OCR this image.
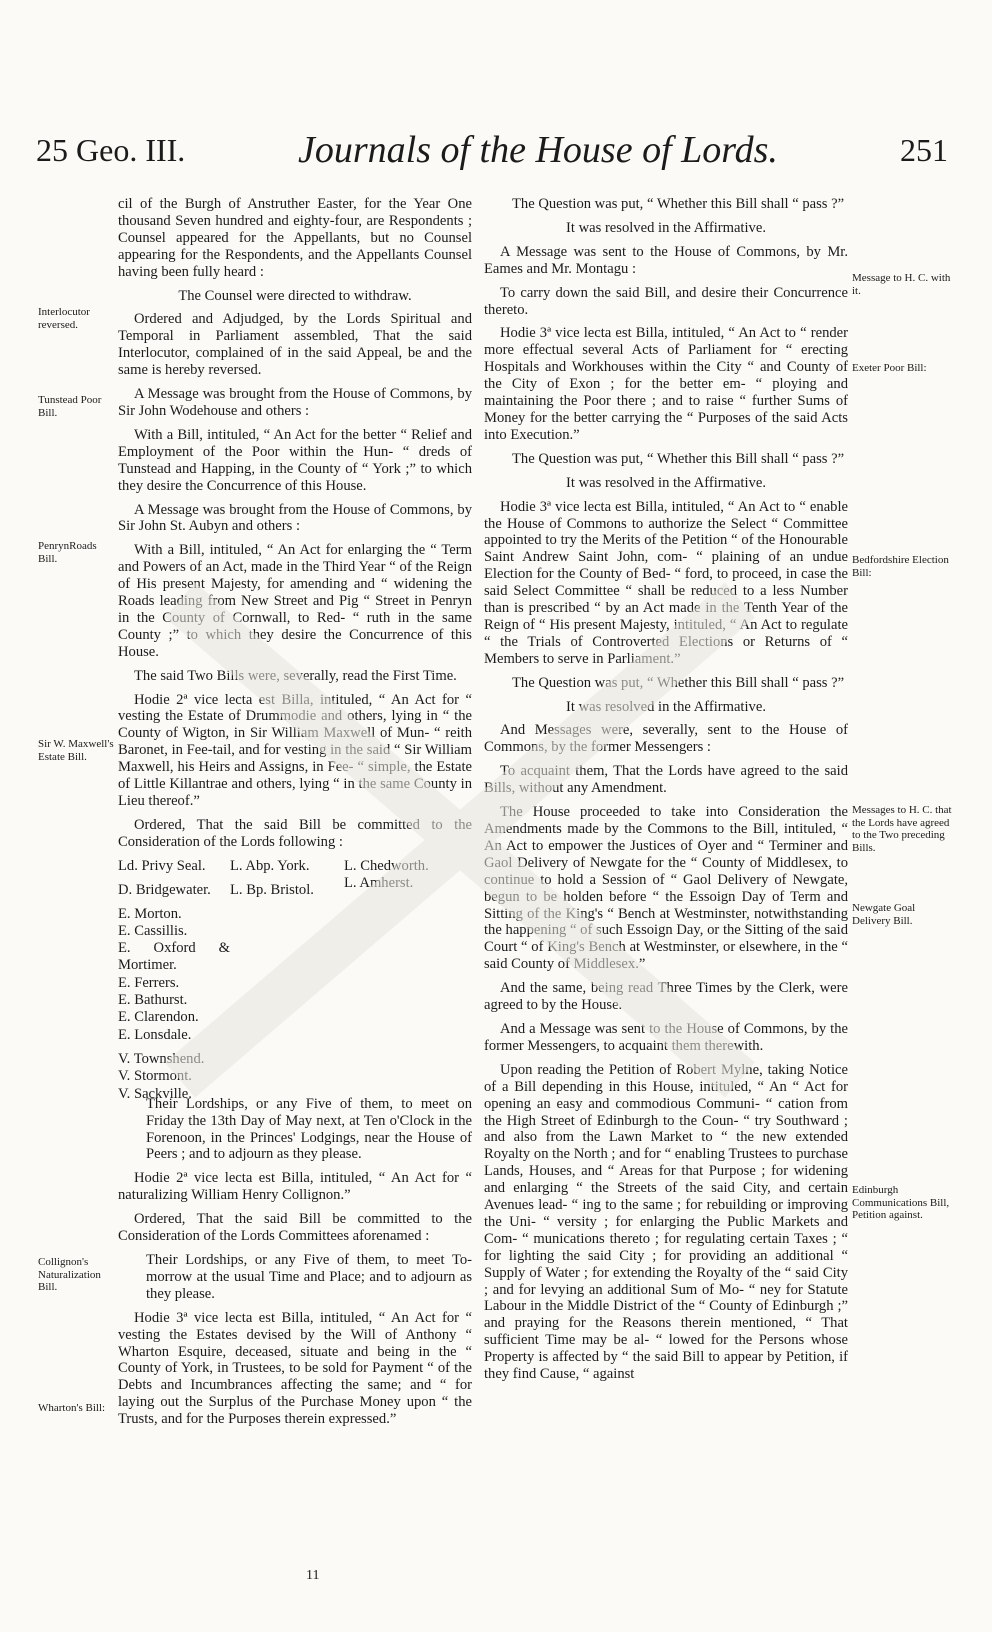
25 Geo. III.	Journals of the House of Lords.	251
Interlocutor reversed.
Tunstead Poor Bill.
PenrynRoads Bill.
Sir W. Maxwell's Estate Bill.
Collignon's Naturalization Bill.
Wharton's Bill:
Message to H. C. with it.
Exeter Poor Bill:
Bedfordshire Election Bill:
Messages to H. C. that the Lords have agreed to the Two preceding Bills.
Newgate Goal Delivery Bill.
Edinburgh Communications Bill, Petition against.

cil of the Burgh of Anstruther Easter, for the Year One thousand Seven hundred and eighty-four, are Respondents ; Counsel appeared for the Appellants, but no Counsel appearing for the Respondents, and the Appellants Counsel having been fully heard :

The Counsel were directed to withdraw.

Ordered and Adjudged, by the Lords Spiritual and Temporal in Parliament assembled, That the said Interlocutor, complained of in the said Appeal, be and the same is hereby reversed.

A Message was brought from the House of Commons, by Sir John Wodehouse and others :

With a Bill, intituled, “ An Act for the better “ Relief and Employment of the Poor within the Hun- “ dreds of Tunstead and Happing, in the County of “ York ;” to which they desire the Concurrence of this House.

A Message was brought from the House of Commons, by Sir John St. Aubyn and others :

With a Bill, intituled, “ An Act for enlarging the “ Term and Powers of an Act, made in the Third Year “ of the Reign of His present Majesty, for amending and “ widening the Roads leading from New Street and Pig “ Street in Penryn in the County of Cornwall, to Red- “ ruth in the same County ;” to which they desire the Concurrence of this House.

The said Two Bills were, severally, read the First Time.

Hodie 2ª vice lecta est Billa, intituled, “ An Act for “ vesting the Estate of Drummodie and others, lying in “ the County of Wigton, in Sir William Maxwell of Mun- “ reith Baronet, in Fee-tail, and for vesting in the said “ Sir William Maxwell, his Heirs and Assigns, in Fee- “ simple, the Estate of Little Killantrae and others, lying “ in the same County in Lieu thereof.”

Ordered, That the said Bill be committed to the Consideration of the Lords following :

Ld. Privy Seal.
D. Bridgewater.
E. Morton.
E. Cassillis.
E. Oxford & Mortimer.
E. Ferrers.
E. Bathurst.
E. Clarendon.
E. Lonsdale.
V. Townshend.
V. Stormont.
V. Sackville.
L. Abp. York.
L. Bp. Bristol.
L. Chedworth.
L. Amherst.

Their Lordships, or any Five of them, to meet on Friday the 13th Day of May next, at Ten o'Clock in the Forenoon, in the Princes' Lodgings, near the House of Peers ; and to adjourn as they please.

Hodie 2ª vice lecta est Billa, intituled, “ An Act for “ naturalizing William Henry Collignon.”

Ordered, That the said Bill be committed to the Consideration of the Lords Committees aforenamed :

Their Lordships, or any Five of them, to meet To-morrow at the usual Time and Place; and to adjourn as they please.

Hodie 3ª vice lecta est Billa, intituled, “ An Act for “ vesting the Estates devised by the Will of Anthony “ Wharton Esquire, deceased, situate and being in the “ County of York, in Trustees, to be sold for Payment “ of the Debts and Incumbrances affecting the same; and “ for laying out the Surplus of the Purchase Money upon “ the Trusts, and for the Purposes therein expressed.”

The Question was put, “ Whether this Bill shall “ pass ?”

It was resolved in the Affirmative.

A Message was sent to the House of Commons, by Mr. Eames and Mr. Montagu :

To carry down the said Bill, and desire their Concurrence thereto.

Hodie 3ª vice lecta est Billa, intituled, “ An Act to “ render more effectual several Acts of Parliament for “ erecting Hospitals and Workhouses within the City “ and County of the City of Exon ; for the better em- “ ploying and maintaining the Poor there ; and to raise “ further Sums of Money for the better carrying the “ Purposes of the said Acts into Execution.”

The Question was put, “ Whether this Bill shall “ pass ?”

It was resolved in the Affirmative.

Hodie 3ª vice lecta est Billa, intituled, “ An Act to “ enable the House of Commons to authorize the Select “ Committee appointed to try the Merits of the Petition “ of the Honourable Saint Andrew Saint John, com- “ plaining of an undue Election for the County of Bed- “ ford, to proceed, in case the said Select Committee “ shall be reduced to a less Number than is prescribed “ by an Act made in the Tenth Year of the Reign of “ His present Majesty, intituled, “ An Act to regulate “ the Trials of Controverted Elections or Returns of “ Members to serve in Parliament.”

The Question was put, “ Whether this Bill shall “ pass ?”

It was resolved in the Affirmative.

And Messages were, severally, sent to the House of Commons, by the former Messengers :

To acquaint them, That the Lords have agreed to the said Bills, without any Amendment.

The House proceeded to take into Consideration the Amendments made by the Commons to the Bill, intituled, “ An Act to empower the Justices of Oyer and “ Terminer and Gaol Delivery of Newgate for the “ County of Middlesex, to continue to hold a Session of “ Gaol Delivery of Newgate, begun to be holden before “ the Essoign Day of Term and Sitting of the King's “ Bench at Westminster, notwithstanding the happening “ of such Essoign Day, or the Sitting of the said Court “ of King's Bench at Westminster, or elsewhere, in the “ said County of Middlesex.”

And the same, being read Three Times by the Clerk, were agreed to by the House.

And a Message was sent to the House of Commons, by the former Messengers, to acquaint them therewith.

Upon reading the Petition of Robert Mylne, taking Notice of a Bill depending in this House, intituled, “ An “ Act for opening an easy and commodious Communi- “ cation from the High Street of Edinburgh to the Coun- “ try Southward ; and also from the Lawn Market to “ the new extended Royalty on the North ; and for “ enabling Trustees to purchase Lands, Houses, and “ Areas for that Purpose ; for widening and enlarging “ the Streets of the said City, and certain Avenues lead- “ ing to the same ; for rebuilding or improving the Uni- “ versity ; for enlarging the Public Markets and Com- “ munications thereto ; for regulating certain Taxes ; “ for lighting the said City ; for providing an additional “ Supply of Water ; for extending the Royalty of the “ said City ; and for levying an additional Sum of Mo- “ ney for Statute Labour in the Middle District of the “ County of Edinburgh ;” and praying for the Reasons therein mentioned, “ That sufficient Time may be al- “ lowed for the Persons whose Property is affected by “ the said Bill to appear by Petition, if they find Cause, “ against

11
